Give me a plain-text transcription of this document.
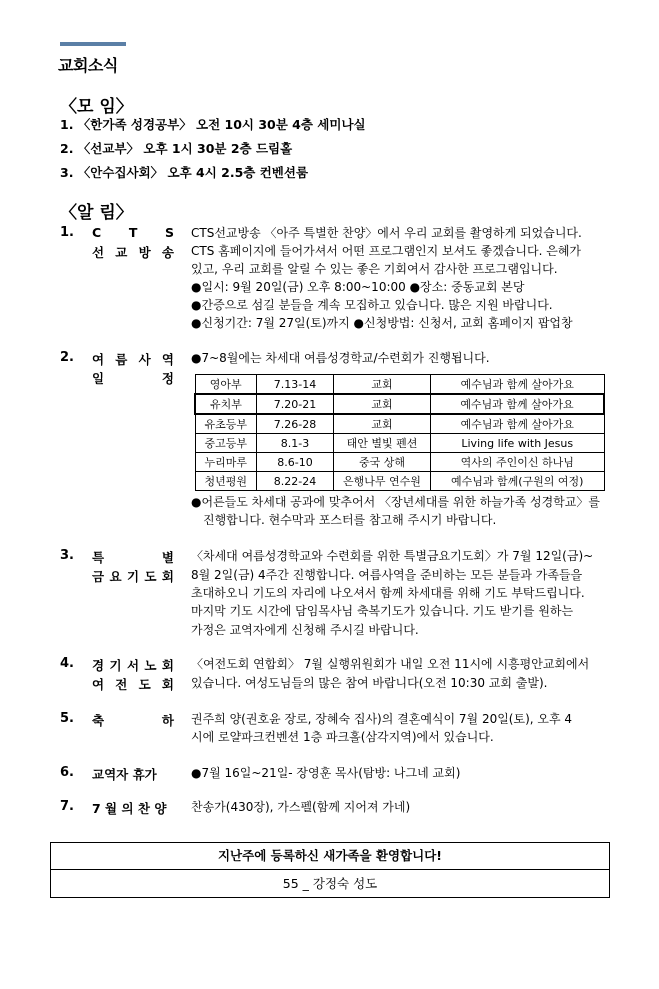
교회소식
〈모 임〉
1. 〈한가족 성경공부〉 오전 10시 30분 4층 세미나실
2. 〈선교부〉 오후 1시 30분 2층 드림홀
3. 〈안수집사회〉 오후 4시 2.5층 컨벤션룸
〈알 림〉
1. C T S
선 교 방 송
CTS선교방송 〈아주 특별한 찬양〉에서 우리 교회를 촬영하게 되었습니다.
CTS 홈페이지에 들어가셔서 어떤 프로그램인지 보셔도 좋겠습니다. 은혜가
있고, 우리 교회를 알릴 수 있는 좋은 기회여서 감사한 프로그램입니다.
●일시: 9월 20일(금) 오후 8:00~10:00 ●장소: 중동교회 본당
●간증으로 섬길 분들을 계속 모집하고 있습니다. 많은 지원 바랍니다.
●신청기간: 7월 27일(토)까지 ●신청방법: 신청서, 교회 홈페이지 팝업창
2. 여 름 사 역
일	정
●7~8월에는 차세대 여름성경학교/수련회가 진행됩니다.
영아부	7.13-14	교회	예수님과 함께 살아가요
유치부	7.20-21	교회	예수님과 함께 살아가요
유초등부	7.26-28	교회	예수님과 함께 살아가요
중고등부	8.1-3	태안 별빛 펜션	Living life with Jesus
누리마루	8.6-10	중국 상해	역사의 주인이신 하나님
청년평원	8.22-24	은행나무 연수원	예수님과 함께(구원의 여정)
●어른들도 차세대 공과에 맞추어서 〈장년세대를 위한 하늘가족 성경학교〉를
진행합니다. 현수막과 포스터를 참고해 주시기 바랍니다.
3. 특	별
금 요 기 도 회
〈차세대 여름성경학교와 수련회를 위한 특별금요기도회〉가 7월 12일(금)~
8월 2일(금) 4주간 진행합니다. 여름사역을 준비하는 모든 분들과 가족들을
초대하오니 기도의 자리에 나오셔서 함께 차세대를 위해 기도 부탁드립니다.
마지막 기도 시간에 담임목사님 축복기도가 있습니다. 기도 받기를 원하는
가정은 교역자에게 신청해 주시길 바랍니다.
4. 경 기 서 노 회
여 전 도 회
〈여전도회 연합회〉 7월 실행위원회가 내일 오전 11시에 시흥평안교회에서
있습니다. 여성도님들의 많은 참여 바랍니다(오전 10:30 교회 출발).
5. 축	하 권주희 양(권호윤 장로, 장혜숙 집사)의 결혼예식이 7월 20일(토), 오후 4
시에 로얄파크컨벤션 1층 파크홀(삼각지역)에서 있습니다.
6. 교역자 휴가	●7월 16일~21일- 장영훈 목사(탐방: 나그네 교회)
7. 7 월 의 찬 양 찬송가(430장), 가스펠(함께 지어져 가네)
지난주에 등록하신 새가족을 환영합니다!
55 _ 강정숙 성도
